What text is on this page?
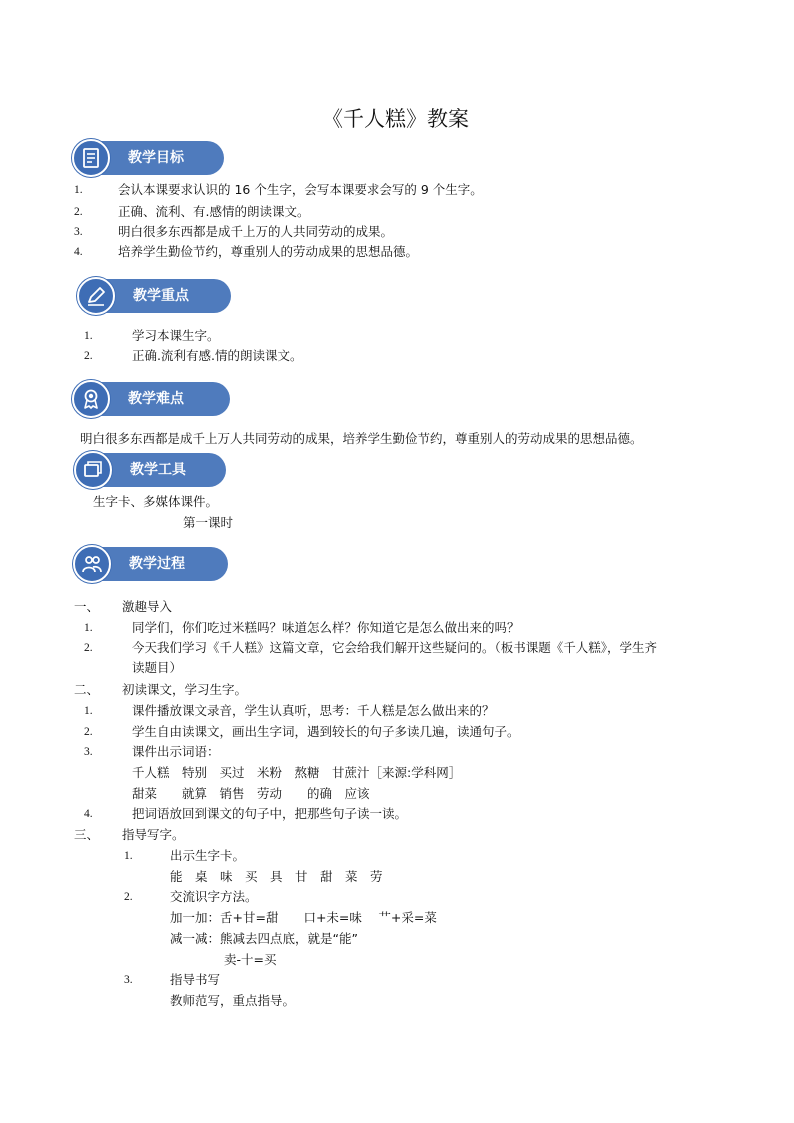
《千人糕》教案
教学目标
1.	会认本课要求认识的 16 个生字，会写本课要求会写的 9 个生字。
2.	正确、流利、有.感情的朗读课文。
3.	明白很多东西都是成千上万的人共同劳动的成果。
4.	培养学生勤俭节约，尊重别人的劳动成果的思想品德。
教学重点
1.	学习本课生字。
2.	正确.流利有感.情的朗读课文。
教学难点
明白很多东西都是成千上万人共同劳动的成果，培养学生勤俭节约，尊重别人的劳动成果的思想品德。
教学工具
生字卡、多媒体课件。
第一课时
教学过程
一、 激趣导入
1.	同学们，你们吃过米糕吗？味道怎么样？你知道它是怎么做出来的吗？
2.	今天我们学习《千人糕》这篇文章，它会给我们解开这些疑问的。（板书课题《千人糕》，学生齐
读题目）
二、 初读课文，学习生字。
1.	课件播放课文录音，学生认真听，思考：千人糕是怎么做出来的？
2.	学生自由读课文，画出生字词，遇到较长的句子多读几遍，读通句子。
3.	课件出示词语：
千人糕　特别　买过　米粉　熬糖　甘蔗汁［来源:学科网］
甜菜　　就算　销售　劳动　　的确　应该
4.	把词语放回到课文的句子中，把那些句子读一读。
三、 指导写字。
1.	出示生字卡。
能　桌　味　买　具　甘　甜　菜　劳
2.	交流识字方法。
加一加：舌+甘=甜　　口+未=味　 艹+采=菜
减一减：熊减去四点底，就是“能”
卖-十=买
3.	指导书写
教师范写，重点指导。
